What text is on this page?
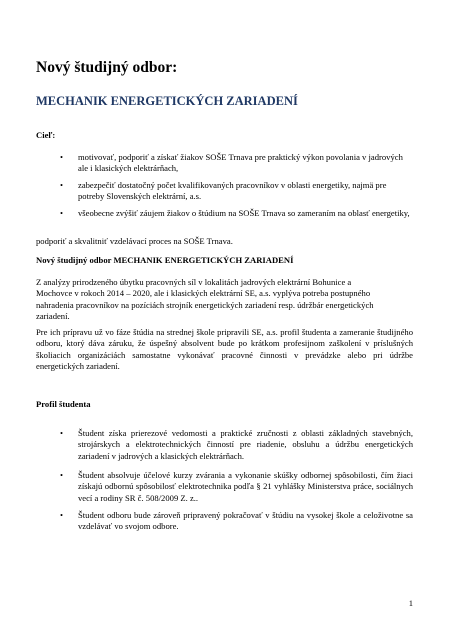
Nový študijný odbor:
MECHANIK ENERGETICKÝCH ZARIADENÍ
Cieľ:
• motivovať, podporiť a získať žiakov SOŠE Trnava pre praktický výkon povolania v jadrových ale i klasických elektrárňach,
• zabezpečiť dostatočný počet kvalifikovaných pracovníkov v oblasti energetiky, najmä pre potreby Slovenských elektrární, a.s.
• všeobecne zvýšiť záujem žiakov o štúdium na SOŠE Trnava so zameraním na oblasť energetiky,
podporiť a skvalitniť vzdelávací proces na SOŠE Trnava.
Nový študijný odbor MECHANIK ENERGETICKÝCH ZARIADENÍ
Z analýzy prirodzeného úbytku pracovných síl v lokalitách jadrových elektrární Bohunice a Mochovce v rokoch 2014 – 2020, ale i klasických elektrární SE, a.s. vyplýva potreba postupného nahradenia pracovníkov na pozíciách strojník energetických zariadení resp. údržbár energetických zariadení.
Pre ich prípravu už vo fáze štúdia na strednej škole pripravili SE, a.s. profil študenta a zameranie študijného odboru, ktorý dáva záruku, že úspešný absolvent bude po krátkom profesijnom zaškolení v príslušných školiacich organizáciách samostatne vykonávať pracovné činnosti v prevádzke alebo pri údržbe energetických zariadení.
Profil študenta
• Študent získa prierezové vedomosti a praktické zručnosti z oblasti základných stavebných, strojárskych a elektrotechnických činností pre riadenie, obsluhu a údržbu energetických zariadení v jadrových a klasických elektrárňach.
• Študent absolvuje účelové kurzy zvárania a vykonanie skúšky odbornej spôsobilosti, čím žiaci získajú odbornú spôsobilosť elektrotechnika podľa § 21 vyhlášky Ministerstva práce, sociálnych vecí a rodiny SR č. 508/2009 Z. z..
• Študent odboru bude zároveň pripravený pokračovať v štúdiu na vysokej škole a celoživotne sa vzdelávať vo svojom odbore.
1
